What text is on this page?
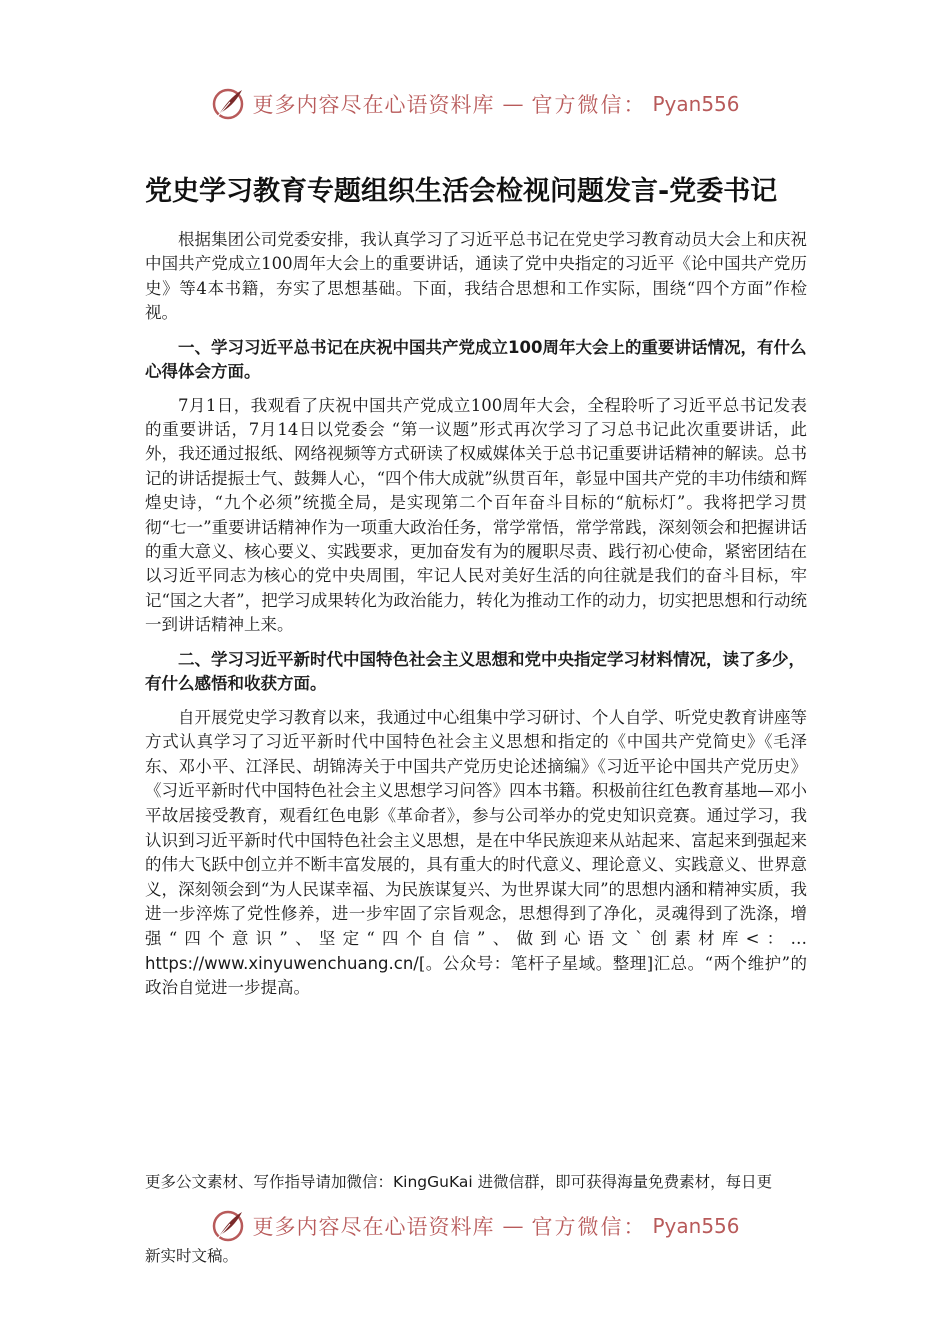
更多内容尽在心语资料库 — 官方微信： Pyan556
党史学习教育专题组织生活会检视问题发言-党委书记

根据集团公司党委安排，我认真学习了习近平总书记在党史学习教育动员大会上和庆祝中国共产党成立100周年大会上的重要讲话，通读了党中央指定的习近平《论中国共产党历史》等4本书籍，夯实了思想基础。下面，我结合思想和工作实际，围绕“四个方面”作检视。

一、学习习近平总书记在庆祝中国共产党成立100周年大会上的重要讲话情况，有什么心得体会方面。

7月1日，我观看了庆祝中国共产党成立100周年大会，全程聆听了习近平总书记发表的重要讲话，7月14日以党委会 “第一议题”形式再次学习了习总书记此次重要讲话，此外，我还通过报纸、网络视频等方式研读了权威媒体关于总书记重要讲话精神的解读。总书记的讲话提振士气、鼓舞人心，“四个伟大成就”纵贯百年，彰显中国共产党的丰功伟绩和辉煌史诗，“九个必须”统揽全局，是实现第二个百年奋斗目标的“航标灯”。我将把学习贯彻“七一”重要讲话精神作为一项重大政治任务，常学常悟，常学常践，深刻领会和把握讲话的重大意义、核心要义、实践要求，更加奋发有为的履职尽责、践行初心使命，紧密团结在以习近平同志为核心的党中央周围，牢记人民对美好生活的向往就是我们的奋斗目标，牢记“国之大者”，把学习成果转化为政治能力，转化为推动工作的动力，切实把思想和行动统一到讲话精神上来。

二、学习习近平新时代中国特色社会主义思想和党中央指定学习材料情况，读了多少，有什么感悟和收获方面。

自开展党史学习教育以来，我通过中心组集中学习研讨、个人自学、听党史教育讲座等方式认真学习了习近平新时代中国特色社会主义思想和指定的《中国共产党简史》《毛泽东、邓小平、江泽民、胡锦涛关于中国共产党历史论述摘编》《习近平论中国共产党历史》《习近平新时代中国特色社会主义思想学习问答》四本书籍。积极前往红色教育基地—邓小平故居接受教育，观看红色电影《革命者》，参与公司举办的党史知识竞赛。通过学习，我认识到习近平新时代中国特色社会主义思想，是在中华民族迎来从站起来、富起来到强起来的伟大飞跃中创立并不断丰富发展的，具有重大的时代意义、理论意义、实践意义、世界意义，深刻领会到“为人民谋幸福、为民族谋复兴、为世界谋大同”的思想内涵和精神实质，我进一步淬炼了党性修养，进一步牢固了宗旨观念，思想得到了净化，灵魂得到了洗涤，增强“四个意识”、坚定“四个自信”、做到心语文`创素材库<：…https://www.xinyuwenchuang.cn/[。公众号：笔杆子星域。整理]汇总。“两个维护”的政治自觉进一步提高。

更多公文素材、写作指导请加微信：KingGuKai 进微信群，即可获得海量免费素材，每日更
更多内容尽在心语资料库 — 官方微信： Pyan556
新实时文稿。
